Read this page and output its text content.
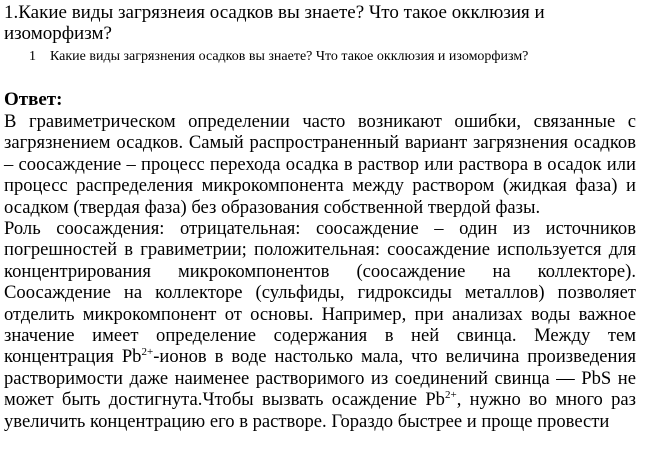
1.Какие виды загрязнеия осадков вы знаете? Что такое окклюзия и изоморфизм?
1 Какие виды загрязнения осадков вы знаете? Что такое окклюзия и изоморфизм?
Ответ:

В гравиметрическом определении часто возникают ошибки, связанные с загрязнением осадков. Самый распространенный вариант загрязнения осадков – соосаждение – процесс перехода осадка в раствор или раствора в осадок или процесс распределения микрокомпонента между раствором (жидкая фаза) и осадком (твердая фаза) без образования собственной твердой фазы.

Роль соосаждения: отрицательная: соосаждение – один из источников погрешностей в гравиметрии; положительная: соосаждение используется для концентрирования микрокомпонентов (соосаждение на коллекторе). Соосаждение на коллекторе (сульфиды, гидроксиды металлов) позволяет отделить микрокомпонент от основы. Например, при анализах воды важное значение имеет определение содержания в ней свинца. Между тем концентрация $Pb^{2+}$-ионов в воде настолько мала, что величина произведения растворимости даже наименее растворимого из соединений свинца — PbS не может быть достигнута.Чтобы вызвать осаждение $Pb^{2+}$, нужно во много раз увеличить концентрацию его в растворе. Гораздо быстрее и проще провести
